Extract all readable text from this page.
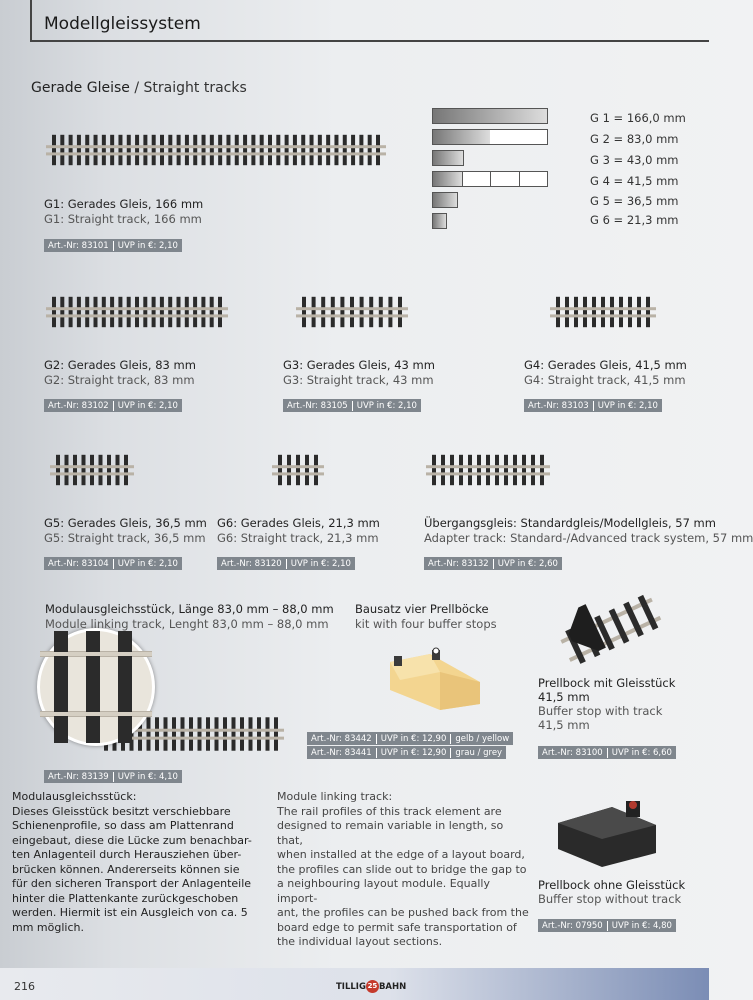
Modellgleissystem
Gerade Gleise / Straight tracks
G 1 = 166,0 mm
G 2 = 83,0 mm
G 3 = 43,0 mm
G 4 = 41,5 mm
G 5 = 36,5 mm
G 6 = 21,3 mm
G1: Gerades Gleis, 166 mm
G1: Straight track, 166 mm
Art.-Nr: 83101	UVP in €: 2,10
G2: Gerades Gleis, 83 mm
G2: Straight track, 83 mm
Art.-Nr: 83102	UVP in €: 2,10
G3: Gerades Gleis, 43 mm
G3: Straight track, 43 mm
Art.-Nr: 83105	UVP in €: 2,10
G4: Gerades Gleis, 41,5 mm
G4: Straight track, 41,5 mm
Art.-Nr: 83103	UVP in €: 2,10
G5: Gerades Gleis, 36,5 mm
G5: Straight track, 36,5 mm
Art.-Nr: 83104	UVP in €: 2,10
G6: Gerades Gleis, 21,3 mm
G6: Straight track, 21,3 mm
Art.-Nr: 83120	UVP in €: 2,10
Übergangsgleis: Standardgleis/Modellgleis, 57 mm
Adapter track: Standard-/Advanced track system, 57 mm
Art.-Nr: 83132	UVP in €: 2,60
Modulausgleichsstück, Länge 83,0 mm – 88,0 mm
Module linking track, Lenght 83,0 mm – 88,0 mm
Art.-Nr: 83139	UVP in €: 4,10
Bausatz vier Prellböcke
kit with four buffer stops
Art.-Nr: 83442	UVP in €: 12,90	gelb / yellow
Art.-Nr: 83441	UVP in €: 12,90	grau / grey
Prellbock mit Gleisstück
41,5 mm
Buffer stop with track
41,5 mm
Art.-Nr: 83100	UVP in €: 6,60
Prellbock ohne Gleisstück
Buffer stop without track
Art.-Nr: 07950	UVP in €: 4,80
Modulausgleichsstück:
Dieses Gleisstück besitzt verschiebbare
Schienenprofile, so dass am Plattenrand
eingebaut, diese die Lücke zum benachbar-
ten Anlagenteil durch Herausziehen über-
brücken können. Andererseits können sie
für den sicheren Transport der Anlagenteile
hinter die Plattenkante zurückgeschoben
werden. Hiermit ist ein Ausgleich von ca. 5
mm möglich.
Module linking track:
The rail profiles of this track element are
designed to remain variable in length, so that,
when installed at the edge of a layout board,
the profiles can slide out to bridge the gap to
a neighbouring layout module. Equally import-
ant, the profiles can be pushed back from the
board edge to permit safe transportation of
the individual layout sections.
216	TILLIG 25 BAHN
